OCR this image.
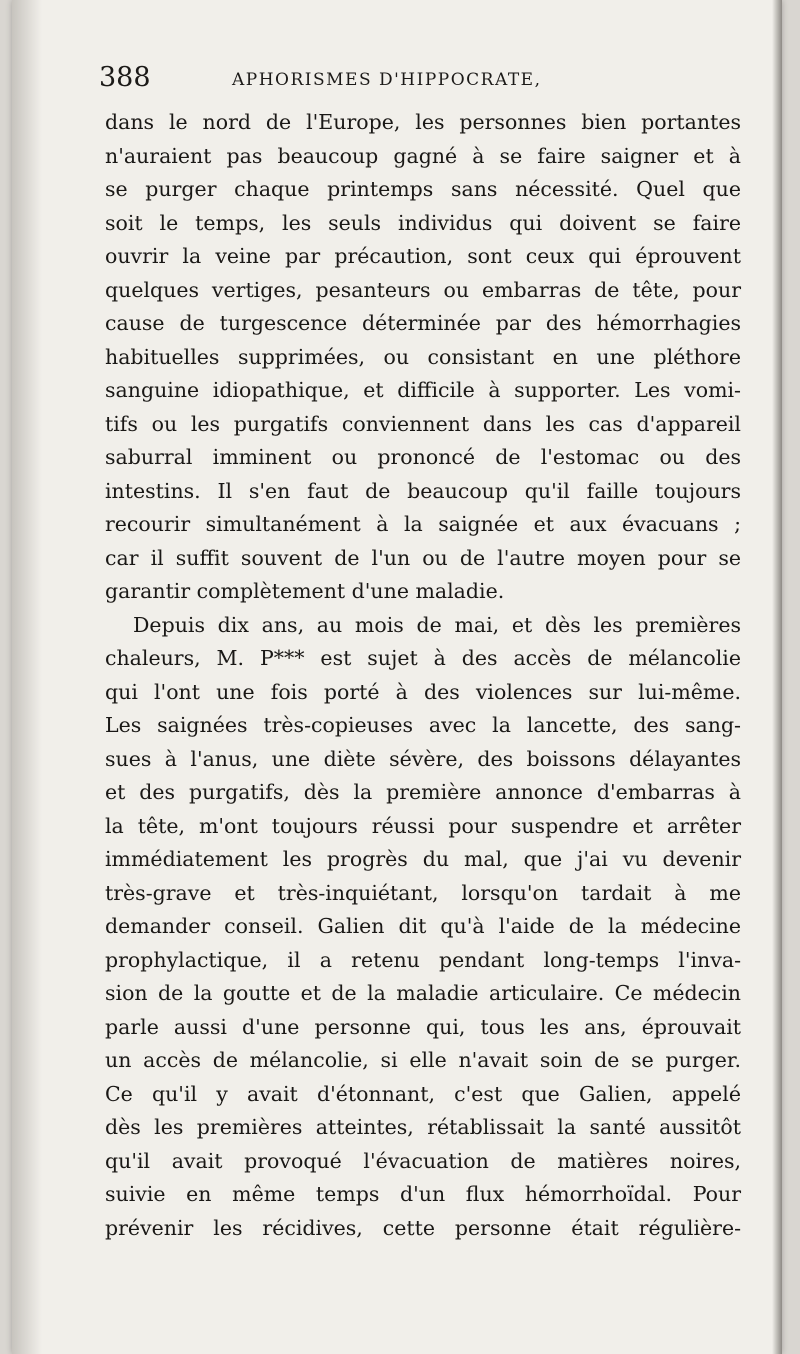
388	APHORISMES D'HIPPOCRATE,
dans le nord de l'Europe, les personnes bien portantes
n'auraient pas beaucoup gagné à se faire saigner et à
se purger chaque printemps sans nécessité. Quel que
soit le temps, les seuls individus qui doivent se faire
ouvrir la veine par précaution, sont ceux qui éprouvent
quelques vertiges, pesanteurs ou embarras de tête, pour
cause de turgescence déterminée par des hémorrhagies
habituelles supprimées, ou consistant en une pléthore
sanguine idiopathique, et difficile à supporter. Les vomi-
tifs ou les purgatifs conviennent dans les cas d'appareil
saburral imminent ou prononcé de l'estomac ou des
intestins. Il s'en faut de beaucoup qu'il faille toujours
recourir simultanément à la saignée et aux évacuans ;
car il suffit souvent de l'un ou de l'autre moyen pour se
garantir complètement d'une maladie.
Depuis dix ans, au mois de mai, et dès les premières
chaleurs, M. P*** est sujet à des accès de mélancolie
qui l'ont une fois porté à des violences sur lui-même.
Les saignées très-copieuses avec la lancette, des sang-
sues à l'anus, une diète sévère, des boissons délayantes
et des purgatifs, dès la première annonce d'embarras à
la tête, m'ont toujours réussi pour suspendre et arrêter
immédiatement les progrès du mal, que j'ai vu devenir
très-grave et très-inquiétant, lorsqu'on tardait à me
demander conseil. Galien dit qu'à l'aide de la médecine
prophylactique, il a retenu pendant long-temps l'inva-
sion de la goutte et de la maladie articulaire. Ce médecin
parle aussi d'une personne qui, tous les ans, éprouvait
un accès de mélancolie, si elle n'avait soin de se purger.
Ce qu'il y avait d'étonnant, c'est que Galien, appelé
dès les premières atteintes, rétablissait la santé aussitôt
qu'il avait provoqué l'évacuation de matières noires,
suivie en même temps d'un flux hémorrhoïdal. Pour
prévenir les récidives, cette personne était régulière-
